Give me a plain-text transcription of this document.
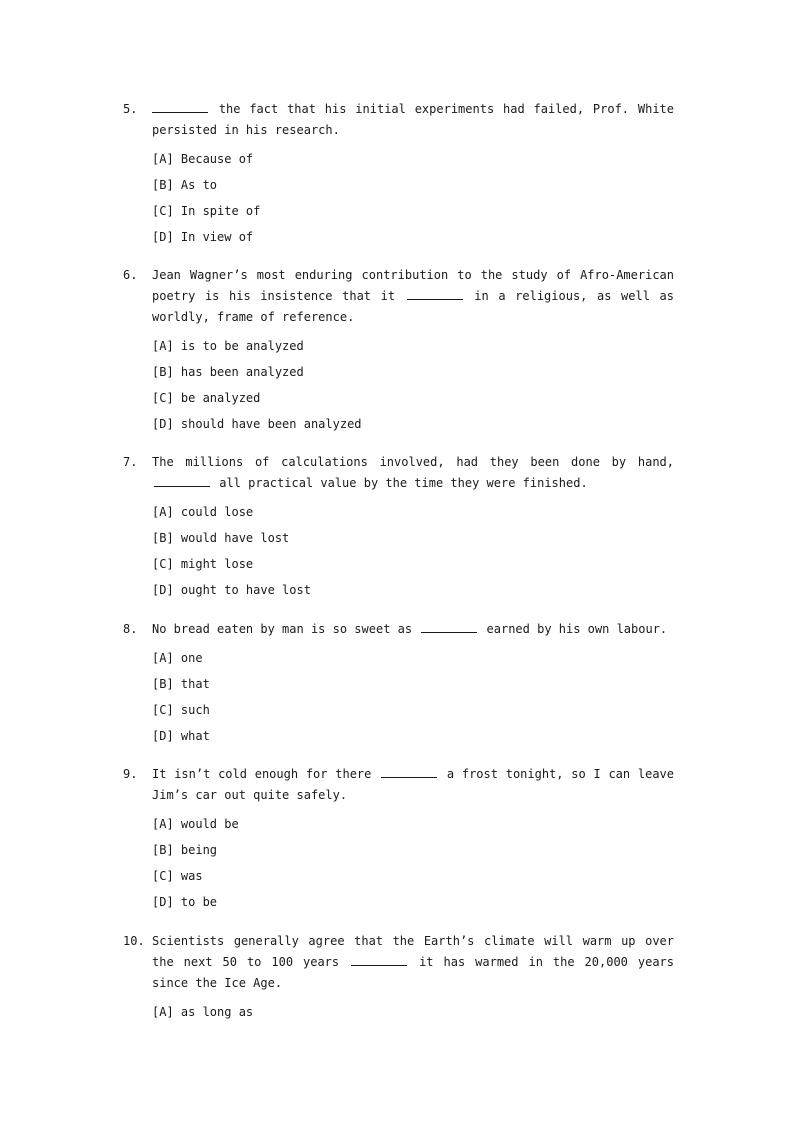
5.	the fact that his initial experiments had failed, Prof. White persisted in his research.
[A] Because of
[B] As to
[C] In spite of
[D] In view of
6. Jean Wagner’s most enduring contribution to the study of Afro-American poetry is his insistence that it	in a religious, as well as worldly, frame of reference.
[A] is to be analyzed
[B] has been analyzed
[C] be analyzed
[D] should have been analyzed
7. The millions of calculations involved, had they been done by hand,  all practical value by the time they were finished.
[A] could lose
[B] would have lost
[C] might lose
[D] ought to have lost
8. No bread eaten by man is so sweet as	earned by his own labour.
[A] one
[B] that
[C] such
[D] what
9. It isn’t cold enough for there	a frost tonight, so I can leave Jim’s car out quite safely.
[A] would be
[B] being
[C] was
[D] to be
10. Scientists generally agree that the Earth’s climate will warm up over the next 50 to 100 years	it has warmed in the 20,000 years since the Ice Age.
[A] as long as
